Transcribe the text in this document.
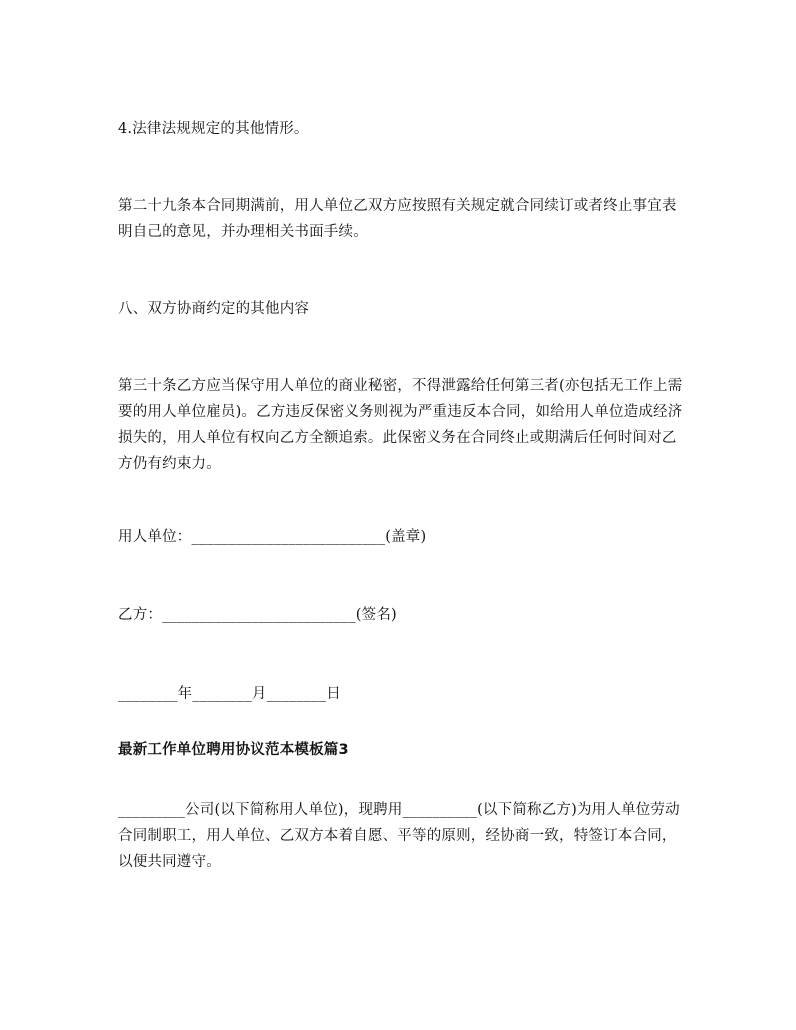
4.法律法规规定的其他情形。
第二十九条本合同期满前，用人单位乙双方应按照有关规定就合同续订或者终止事宜表明自己的意见，并办理相关书面手续。
八、双方协商约定的其他内容
第三十条乙方应当保守用人单位的商业秘密，不得泄露给任何第三者(亦包括无工作上需要的用人单位雇员)。乙方违反保密义务则视为严重违反本合同，如给用人单位造成经济损失的，用人单位有权向乙方全额追索。此保密义务在合同终止或期满后任何时间对乙方仍有约束力。
用人单位：__________________________(盖章)
乙方：__________________________(签名)
________年________月________日
最新工作单位聘用协议范本模板篇3
_________公司(以下简称用人单位)，现聘用__________(以下简称乙方)为用人单位劳动合同制职工，用人单位、乙双方本着自愿、平等的原则，经协商一致，特签订本合同，以便共同遵守。
